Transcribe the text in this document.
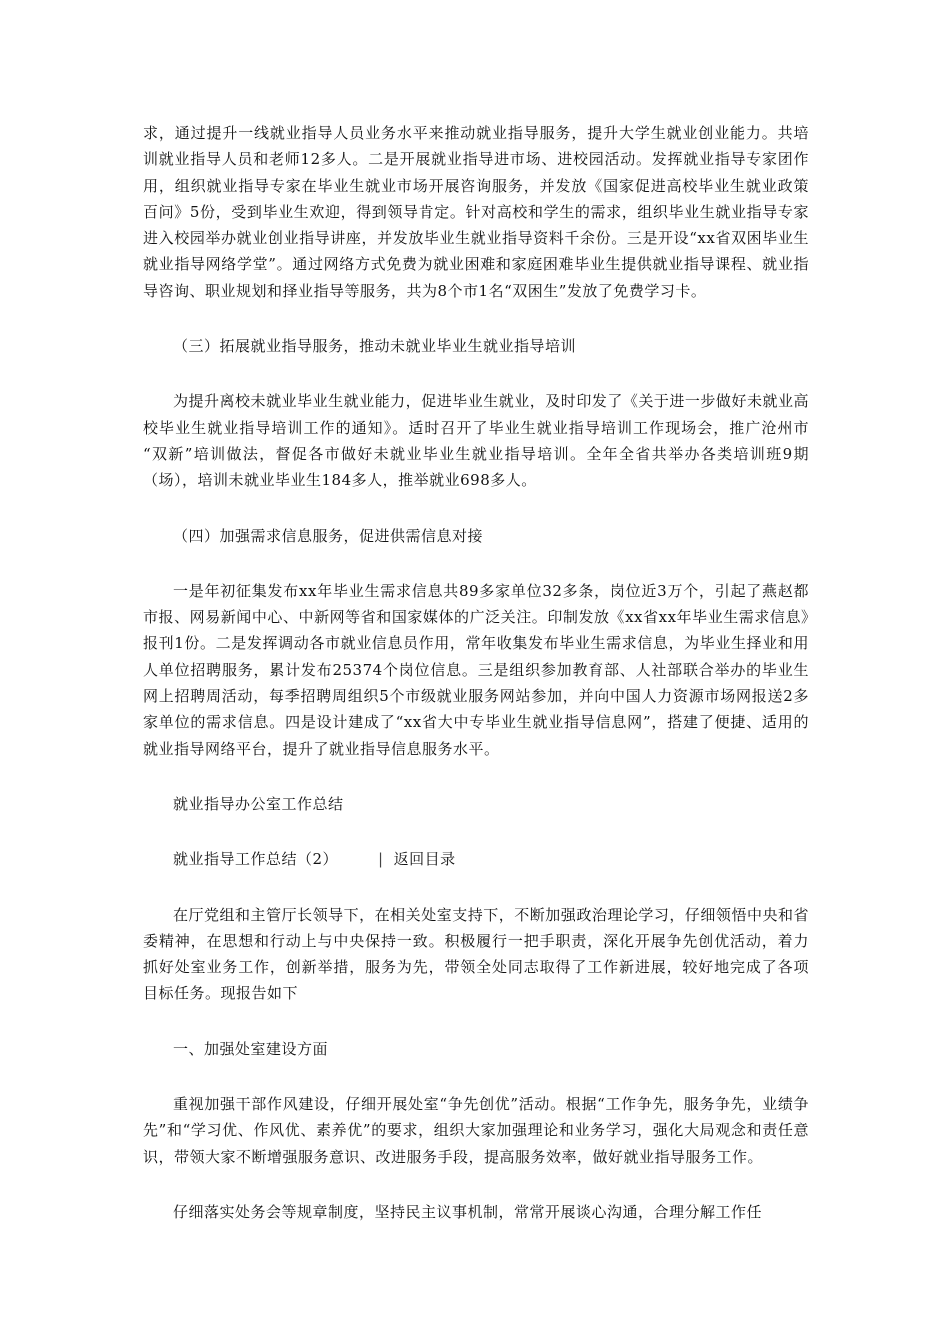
求，通过提升一线就业指导人员业务水平来推动就业指导服务，提升大学生就业创业能力。共培训就业指导人员和老师12多人。二是开展就业指导进市场、进校园活动。发挥就业指导专家团作用，组织就业指导专家在毕业生就业市场开展咨询服务，并发放《国家促进高校毕业生就业政策百问》5份，受到毕业生欢迎，得到领导肯定。针对高校和学生的需求，组织毕业生就业指导专家进入校园举办就业创业指导讲座，并发放毕业生就业指导资料千余份。三是开设“xx省双困毕业生就业指导网络学堂”。通过网络方式免费为就业困难和家庭困难毕业生提供就业指导课程、就业指导咨询、职业规划和择业指导等服务，共为8个市1名“双困生”发放了免费学习卡。

（三）拓展就业指导服务，推动未就业毕业生就业指导培训

为提升离校未就业毕业生就业能力，促进毕业生就业，及时印发了《关于进一步做好未就业高校毕业生就业指导培训工作的通知》。适时召开了毕业生就业指导培训工作现场会，推广沧州市 “双新”培训做法，督促各市做好未就业毕业生就业指导培训。全年全省共举办各类培训班9期（场），培训未就业毕业生184多人，推举就业698多人。

（四）加强需求信息服务，促进供需信息对接

一是年初征集发布xx年毕业生需求信息共89多家单位32多条，岗位近3万个，引起了燕赵都市报、网易新闻中心、中新网等省和国家媒体的广泛关注。印制发放《xx省xx年毕业生需求信息》报刊1份。二是发挥调动各市就业信息员作用，常年收集发布毕业生需求信息，为毕业生择业和用人单位招聘服务，累计发布25374个岗位信息。三是组织参加教育部、人社部联合举办的毕业生网上招聘周活动，每季招聘周组织5个市级就业服务网站参加，并向中国人力资源市场网报送2多家单位的需求信息。四是设计建成了“xx省大中专毕业生就业指导信息网”，搭建了便捷、适用的就业指导网络平台，提升了就业指导信息服务水平。

就业指导办公室工作总结

就业指导工作总结（2）	| 返回目录

在厅党组和主管厅长领导下，在相关处室支持下，不断加强政治理论学习，仔细领悟中央和省委精神，在思想和行动上与中央保持一致。积极履行一把手职责，深化开展争先创优活动，着力抓好处室业务工作，创新举措，服务为先，带领全处同志取得了工作新进展，较好地完成了各项目标任务。现报告如下

一、加强处室建设方面

重视加强干部作风建设，仔细开展处室“争先创优”活动。根据“工作争先，服务争先，业绩争先”和“学习优、作风优、素养优”的要求，组织大家加强理论和业务学习，强化大局观念和责任意识，带领大家不断增强服务意识、改进服务手段，提高服务效率，做好就业指导服务工作。

仔细落实处务会等规章制度，坚持民主议事机制，常常开展谈心沟通，合理分解工作任
